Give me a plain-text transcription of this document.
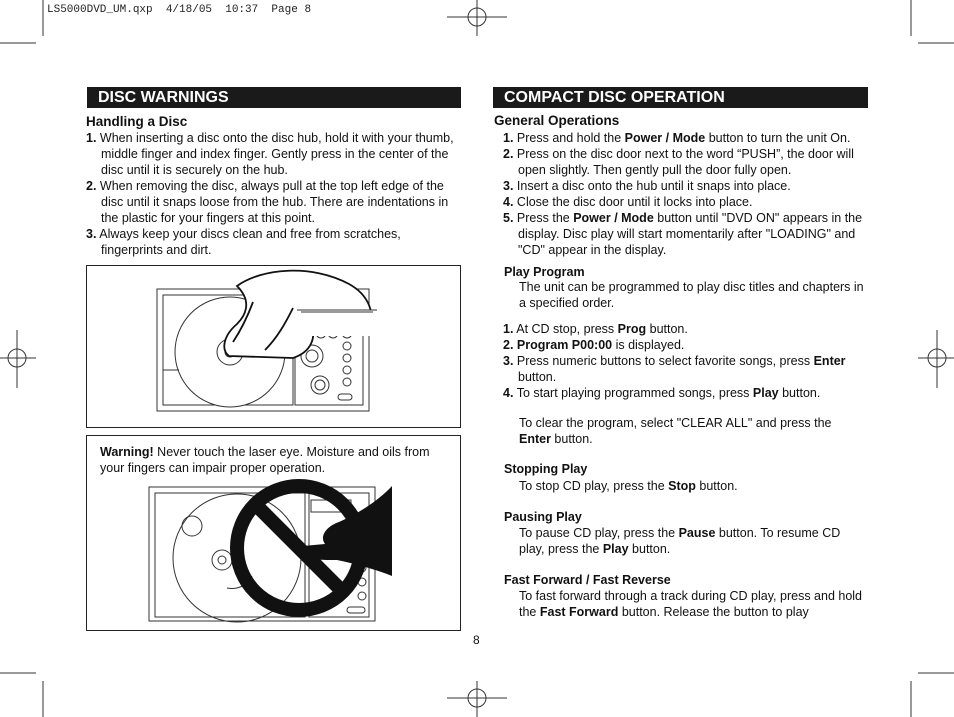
LS5000DVD_UM.qxp  4/18/05  10:37  Page 8
DISC WARNINGS
Handling a Disc
1. When inserting a disc onto the disc hub, hold it with your thumb, middle finger and index finger. Gently press in the center of the disc until it is securely on the hub.
2. When removing the disc, always pull at the top left edge of the disc until it snaps loose from the hub. There are indentations in the plastic for your fingers at this point.
3. Always keep your discs clean and free from scratches, fingerprints and dirt.
Warning! Never touch the laser eye. Moisture and oils from your fingers can impair proper operation.
COMPACT DISC OPERATION
General Operations
1. Press and hold the Power / Mode button to turn the unit On.
2. Press on the disc door next to the word “PUSH”, the door will open slightly. Then gently pull the door fully open.
3. Insert a disc onto the hub until it snaps into place.
4. Close the disc door until it locks into place.
5. Press the Power / Mode button until "DVD ON" appears in the display. Disc play will start momentarily after "LOADING" and "CD" appear in the display.
Play Program
The unit can be programmed to play disc titles and chapters in a specified order.
1. At CD stop, press Prog button.
2. Program P00:00 is displayed.
3. Press numeric buttons to select favorite songs, press Enter button.
4. To start playing programmed songs, press Play button.
To clear the program, select "CLEAR ALL" and press the Enter button.
Stopping Play
To stop CD play, press the Stop button.
Pausing Play
To pause CD play, press the Pause button. To resume CD play, press the Play button.
Fast Forward / Fast Reverse
To fast forward through a track during CD play, press and hold the Fast Forward button. Release the button to play
8
